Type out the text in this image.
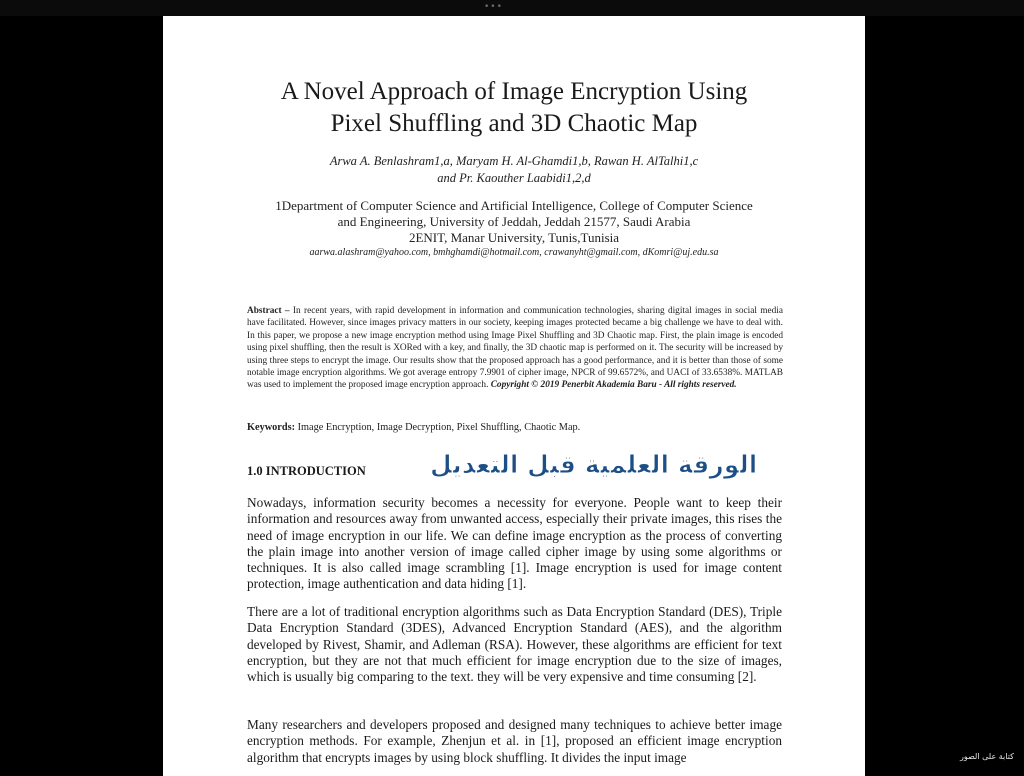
•••
A Novel Approach of Image Encryption Using
Pixel Shuffling and 3D Chaotic Map
Arwa A. Benlashram1,a, Maryam H. Al-Ghamdi1,b, Rawan H. AlTalhi1,c
and Pr. Kaouther Laabidi1,2,d
1Department of Computer Science and Artificial Intelligence, College of Computer Science
and Engineering, University of Jeddah, Jeddah 21577, Saudi Arabia
2ENIT, Manar University, Tunis,Tunisia
aarwa.alashram@yahoo.com, bmhghamdi@hotmail.com, crawanyht@gmail.com, dKomri@uj.edu.sa
Abstract – In recent years, with rapid development in information and communication technologies, sharing digital images in social media have facilitated. However, since images privacy matters in our society, keeping images protected became a big challenge we have to deal with. In this paper, we propose a new image encryption method using Image Pixel Shuffling and 3D Chaotic map. First, the plain image is encoded using pixel shuffling, then the result is XORed with a key, and finally, the 3D chaotic map is performed on it. The security will be increased by using three steps to encrypt the image. Our results show that the proposed approach has a good performance, and it is better than those of some notable image encryption algorithms. We got average entropy 7.9901 of cipher image, NPCR of 99.6572%, and UACI of 33.6538%. MATLAB was used to implement the proposed image encryption approach. Copyright © 2019 Penerbit Akademia Baru - All rights reserved.
Keywords: Image Encryption, Image Decryption, Pixel Shuffling, Chaotic Map.
1.0 INTRODUCTION
Nowadays, information security becomes a necessity for everyone. People want to keep their information and resources away from unwanted access, especially their private images, this rises the need of image encryption in our life. We can define image encryption as the process of converting the plain image into another version of image called cipher image by using some algorithms or techniques. It is also called image scrambling [1]. Image encryption is used for image content protection, image authentication and data hiding [1].
There are a lot of traditional encryption algorithms such as Data Encryption Standard (DES), Triple Data Encryption Standard (3DES), Advanced Encryption Standard (AES), and the algorithm developed by Rivest, Shamir, and Adleman (RSA). However, these algorithms are efficient for text encryption, but they are not that much efficient for image encryption due to the size of images, which is usually big comparing to the text. they will be very expensive and time consuming [2].
Many researchers and developers proposed and designed many techniques to achieve better image encryption methods. For example, Zhenjun et al. in [1], proposed an efficient image encryption algorithm that encrypts images by using block shuffling. It divides the input image
الورقة العلمية قبل التعديل
كتابة على الصور
